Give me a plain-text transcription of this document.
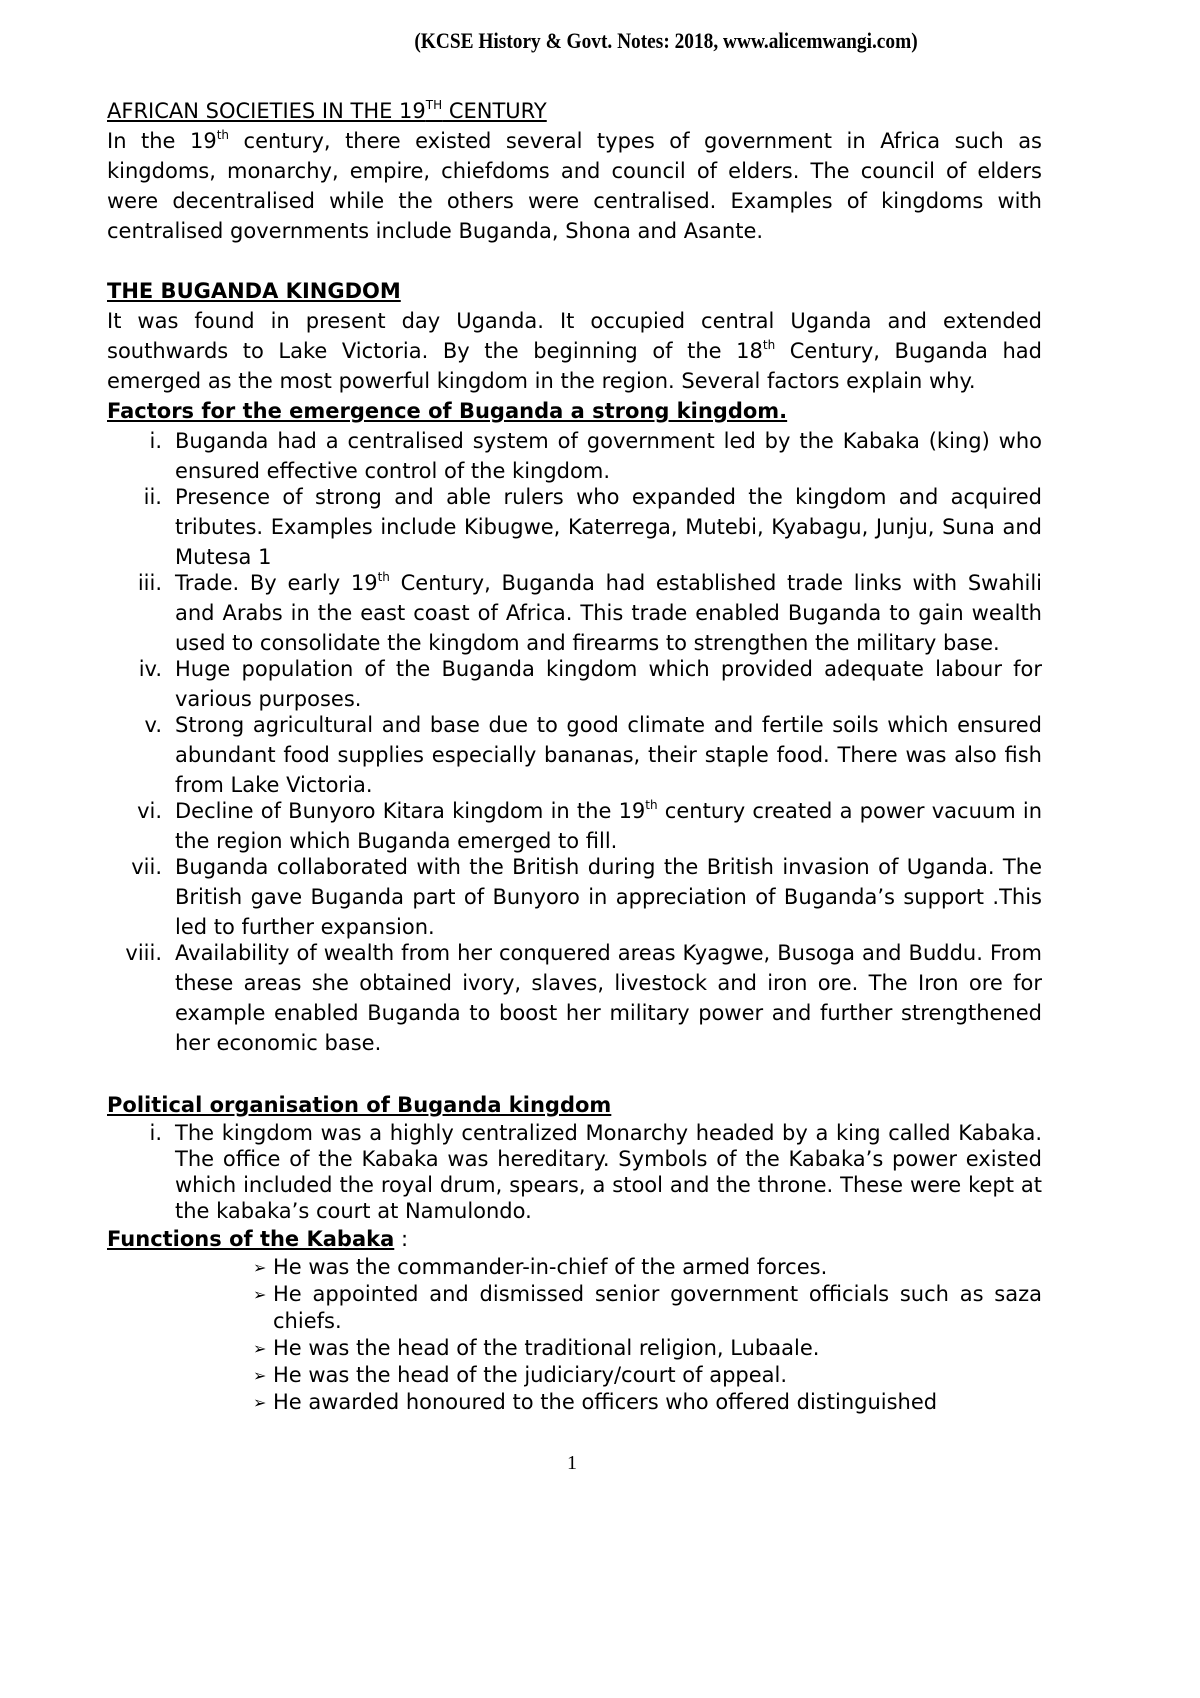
(KCSE History & Govt. Notes: 2018, www.alicemwangi.com)

AFRICAN SOCIETIES IN THE 19TH CENTURY

In the 19th century, there existed several types of government in Africa such as kingdoms, monarchy, empire, chiefdoms and council of elders. The council of elders were decentralised while the others were centralised. Examples of kingdoms with centralised governments include Buganda, Shona and Asante.

THE BUGANDA KINGDOM

It was found in present day Uganda. It occupied central Uganda and extended southwards to Lake Victoria. By the beginning of the 18th Century, Buganda had emerged as the most powerful kingdom in the region. Several factors explain why.

Factors for the emergence of Buganda a strong kingdom.

i. Buganda had a centralised system of government led by the Kabaka (king) who ensured effective control of the kingdom.
ii. Presence of strong and able rulers who expanded the kingdom and acquired tributes. Examples include Kibugwe, Katerrega, Mutebi, Kyabagu, Junju, Suna and Mutesa 1
iii. Trade. By early 19th Century, Buganda had established trade links with Swahili and Arabs in the east coast of Africa. This trade enabled Buganda to gain wealth used to consolidate the kingdom and firearms to strengthen the military base.
iv. Huge population of the Buganda kingdom which provided adequate labour for various purposes.
v. Strong agricultural and base due to good climate and fertile soils which ensured abundant food supplies especially bananas, their staple food. There was also fish from Lake Victoria.
vi. Decline of Bunyoro Kitara kingdom in the 19th century created a power vacuum in the region which Buganda emerged to fill.
vii. Buganda collaborated with the British during the British invasion of Uganda. The British gave Buganda part of Bunyoro in appreciation of Buganda’s support .This led to further expansion.
viii. Availability of wealth from her conquered areas Kyagwe, Busoga and Buddu. From these areas she obtained ivory, slaves, livestock and iron ore. The Iron ore for example enabled Buganda to boost her military power and further strengthened her economic base.

Political organisation of Buganda kingdom

i. The kingdom was a highly centralized Monarchy headed by a king called Kabaka. The office of the Kabaka was hereditary. Symbols of the Kabaka’s power existed which included the royal drum, spears, a stool and the throne. These were kept at the kabaka’s court at Namulondo.

Functions of the Kabaka :

➢ He was the commander-in-chief of the armed forces.
➢ He appointed and dismissed senior government officials such as saza chiefs.
➢ He was the head of the traditional religion, Lubaale.
➢ He was the head of the judiciary/court of appeal.
➢ He awarded honoured to the officers who offered distinguished
1
